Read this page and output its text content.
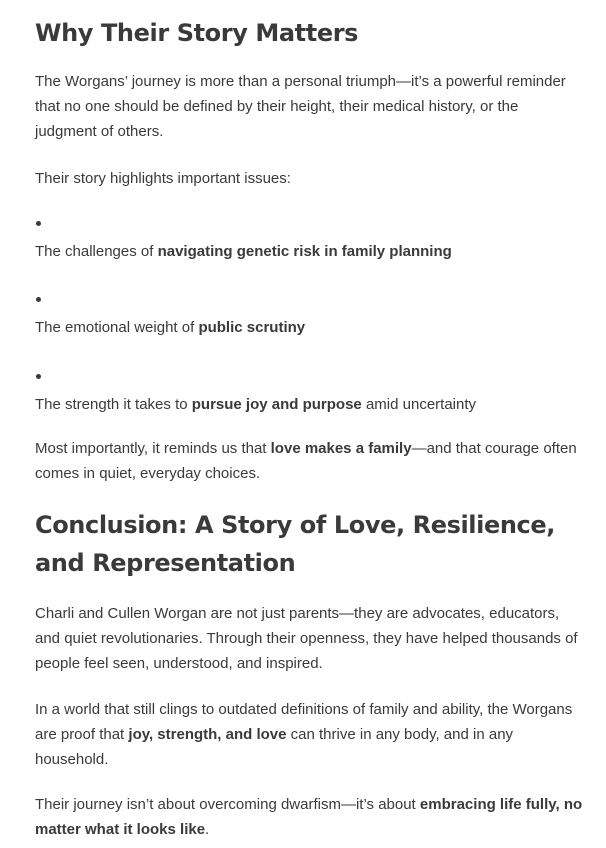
Why Their Story Matters

The Worgans’ journey is more than a personal triumph—it’s a powerful reminder that no one should be defined by their height, their medical history, or the judgment of others.

Their story highlights important issues:

The challenges of navigating genetic risk in family planning
The emotional weight of public scrutiny
The strength it takes to pursue joy and purpose amid uncertainty

Most importantly, it reminds us that love makes a family—and that courage often comes in quiet, everyday choices.

Conclusion: A Story of Love, Resilience, and Representation

Charli and Cullen Worgan are not just parents—they are advocates, educators, and quiet revolutionaries. Through their openness, they have helped thousands of people feel seen, understood, and inspired.

In a world that still clings to outdated definitions of family and ability, the Worgans are proof that joy, strength, and love can thrive in any body, and in any household.

Their journey isn’t about overcoming dwarfism—it’s about embracing life fully, no matter what it looks like.
